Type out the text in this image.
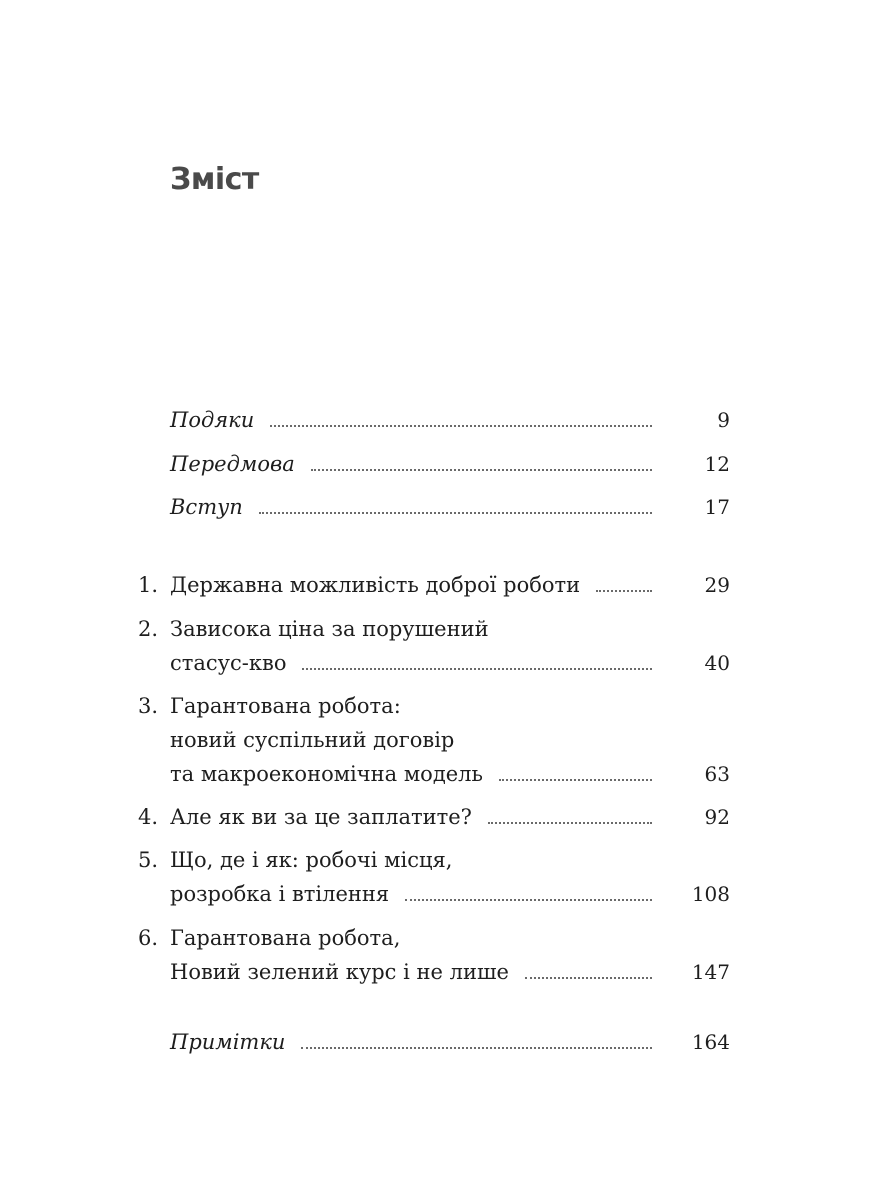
Зміст
Подяки	9
Передмова	12
Вступ	17
1. Державна можливість доброї роботи	29
2. Зависока ціна за порушений
стасус-кво	40
3. Гарантована робота:
новий суспільний договір
та макроекономічна модель	63
4. Але як ви за це заплатите?	92
5. Що, де і як: робочі місця,
розробка і втілення	108
6. Гарантована робота,
Новий зелений курс і не лише	147
Примітки	164
